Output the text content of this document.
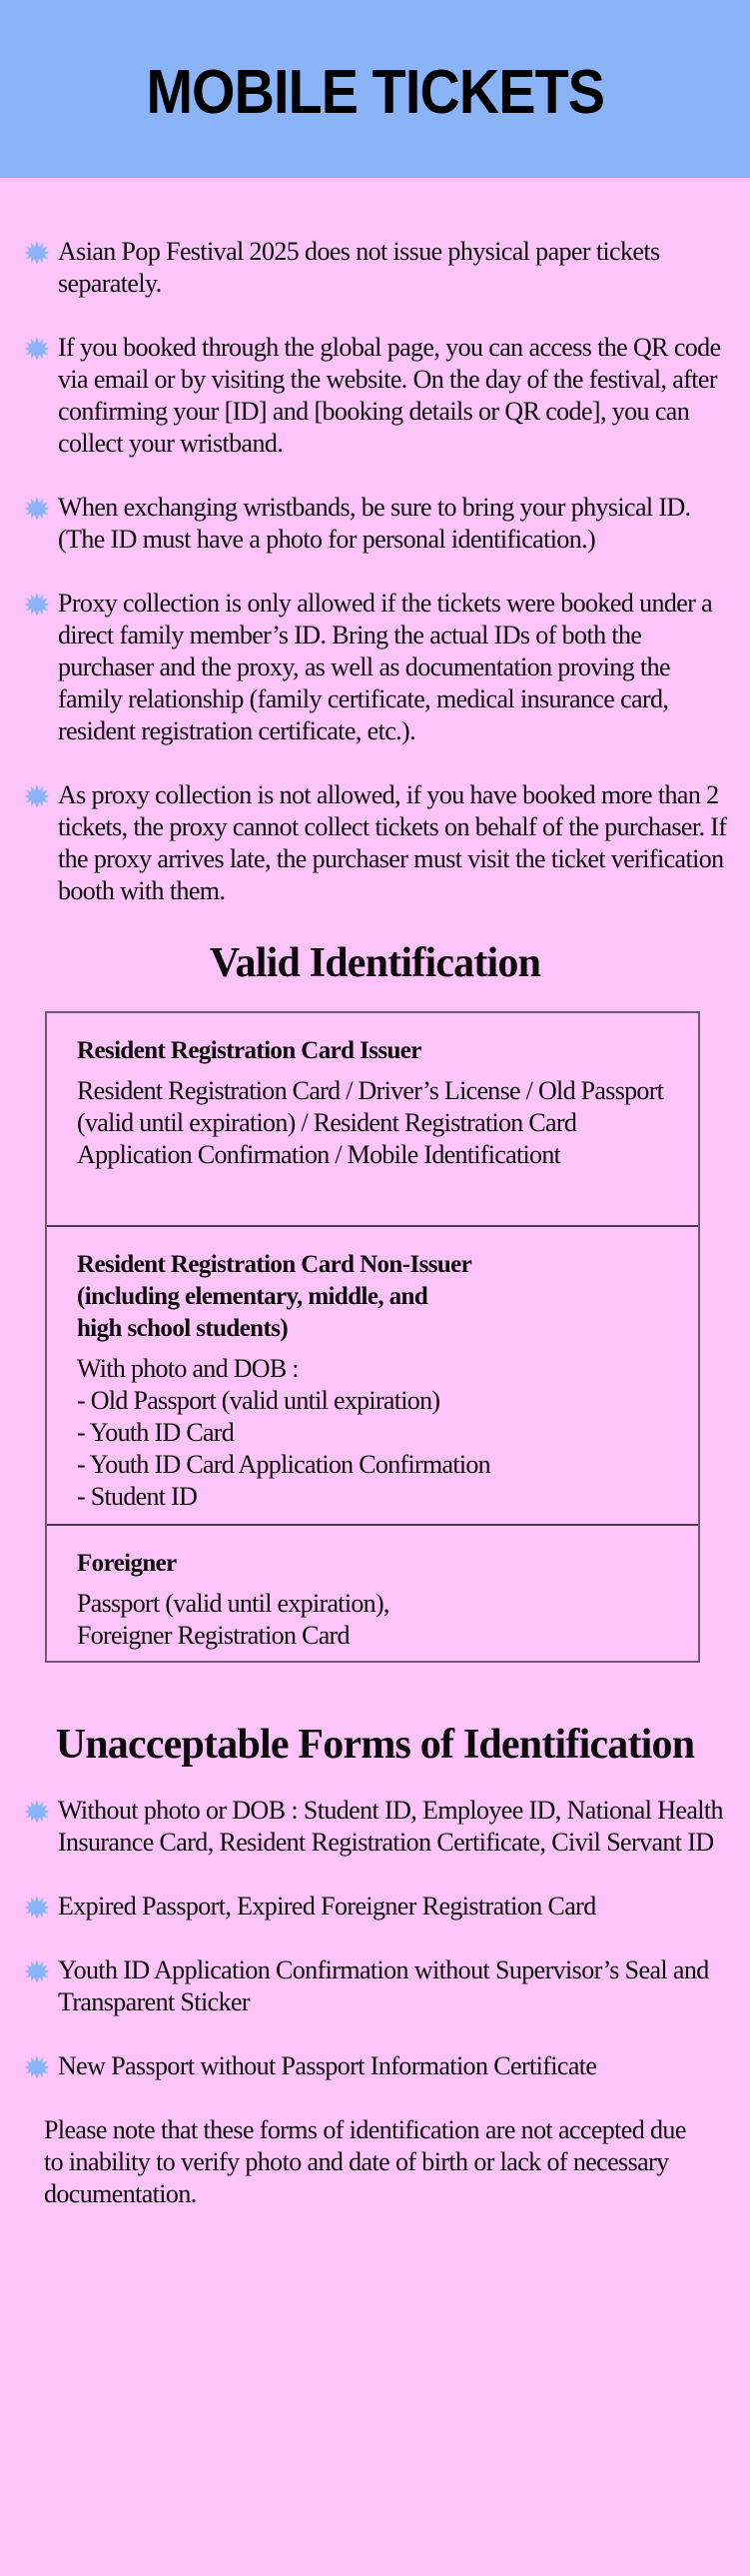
MOBILE TICKETS
Asian Pop Festival 2025 does not issue physical paper tickets separately.
If you booked through the global page, you can access the QR code via email or by visiting the website. On the day of the festival, after confirming your [ID] and [booking details or QR code], you can collect your wristband.
When exchanging wristbands, be sure to bring your physical ID. (The ID must have a photo for personal identification.)
Proxy collection is only allowed if the tickets were booked under a direct family member’s ID. Bring the actual IDs of both the purchaser and the proxy, as well as documentation proving the family relationship (family certificate, medical insurance card, resident registration certificate, etc.).
As proxy collection is not allowed, if you have booked more than 2 tickets, the proxy cannot collect tickets on behalf of the purchaser. If the proxy arrives late, the purchaser must visit the ticket verification booth with them.
Valid Identification
Resident Registration Card Issuer
Resident Registration Card / Driver’s License / Old Passport (valid until expiration) / Resident Registration Card Application Confirmation / Mobile Identificationt
Resident Registration Card Non-Issuer
(including elementary, middle, and
high school students)
With photo and DOB :
- Old Passport (valid until expiration)
- Youth ID Card
- Youth ID Card Application Confirmation
- Student ID
Foreigner
Passport (valid until expiration),
Foreigner Registration Card
Unacceptable Forms of Identification
Without photo or DOB : Student ID, Employee ID, National Health Insurance Card, Resident Registration Certificate, Civil Servant ID
Expired Passport, Expired Foreigner Registration Card
Youth ID Application Confirmation without Supervisor’s Seal and Transparent Sticker
New Passport without Passport Information Certificate

Please note that these forms of identification are not accepted due to inability to verify photo and date of birth or lack of necessary documentation.
